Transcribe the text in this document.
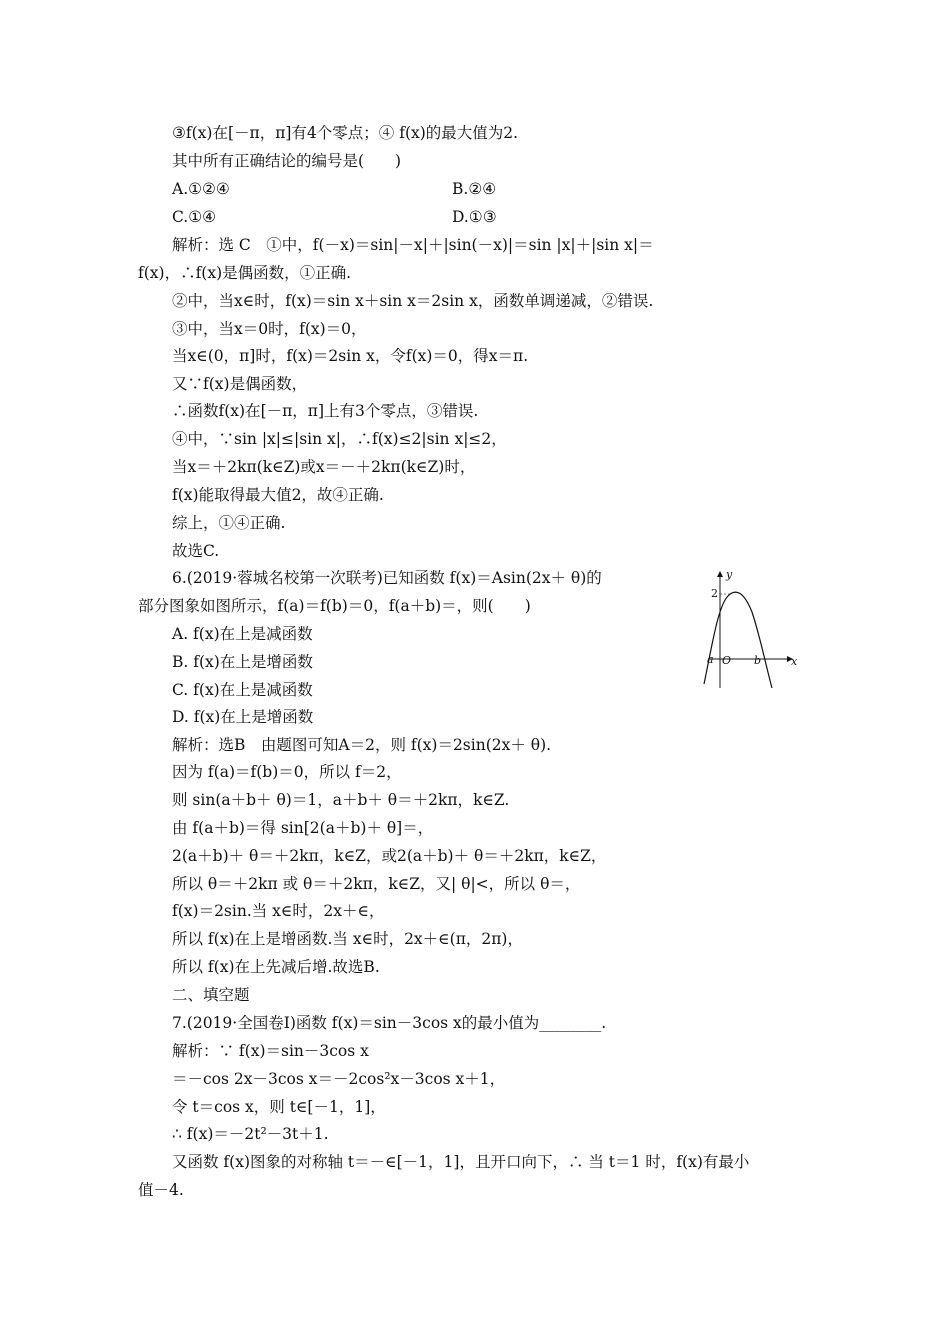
③f(x)在[－π，π]有4个零点；④ f(x)的最大值为2.
其中所有正确结论的编号是(　　)
A.①②④	B.②④
C.①④	D.①③
解析：选 C　①中，f(－x)＝sin|－x|＋|sin(－x)|＝sin |x|＋|sin x|＝
f(x)，∴f(x)是偶函数，①正确.
②中，当x∈时，f(x)＝sin x＋sin x＝2sin x，函数单调递减，②错误.
③中，当x＝0时，f(x)＝0，
当x∈(0，π]时，f(x)＝2sin x，令f(x)＝0，得x＝π.
又∵f(x)是偶函数，
∴函数f(x)在[－π，π]上有3个零点，③错误.
④中，∵sin |x|≤|sin x|，∴f(x)≤2|sin x|≤2，
当x＝＋2kπ(k∈Z)或x＝－＋2kπ(k∈Z)时，
f(x)能取得最大值2，故④正确.
综上，①④正确.
故选C.
6.(2019·蓉城名校第一次联考)已知函数 f(x)＝Asin(2x＋ θ)的
部分图象如图所示，f(a)＝f(b)＝0，f(a＋b)＝，则(　　)
A. f(x)在上是减函数
B. f(x)在上是增函数
C. f(x)在上是减函数
D. f(x)在上是增函数
解析：选B　由题图可知A＝2，则 f(x)＝2sin(2x＋ θ).
因为 f(a)＝f(b)＝0，所以 f＝2，
则 sin(a＋b＋ θ)＝1，a＋b＋ θ＝＋2kπ，k∈Z.
由 f(a＋b)＝得 sin[2(a＋b)＋ θ]＝，
2(a＋b)＋ θ＝＋2kπ，k∈Z，或2(a＋b)＋ θ＝＋2kπ，k∈Z，
所以 θ＝＋2kπ 或 θ＝＋2kπ，k∈Z，又| θ|<，所以 θ＝，
f(x)＝2sin.当 x∈时，2x＋∈，
所以 f(x)在上是增函数.当 x∈时，2x＋∈(π，2π)，
所以 f(x)在上先减后增.故选B.
二、填空题
7.(2019·全国卷Ⅰ)函数 f(x)＝sin－3cos x的最小值为________.
解析：∵ f(x)＝sin－3cos x
＝－cos 2x－3cos x＝－2cos²x－3cos x＋1，
令 t＝cos x，则 t∈[－1，1]，
∴ f(x)＝－2t²－3t＋1.
又函数 f(x)图象的对称轴 t＝－∈[－1，1]，且开口向下，∴ 当 t＝1 时，f(x)有最小
值－4.
y
x
2
a O b
